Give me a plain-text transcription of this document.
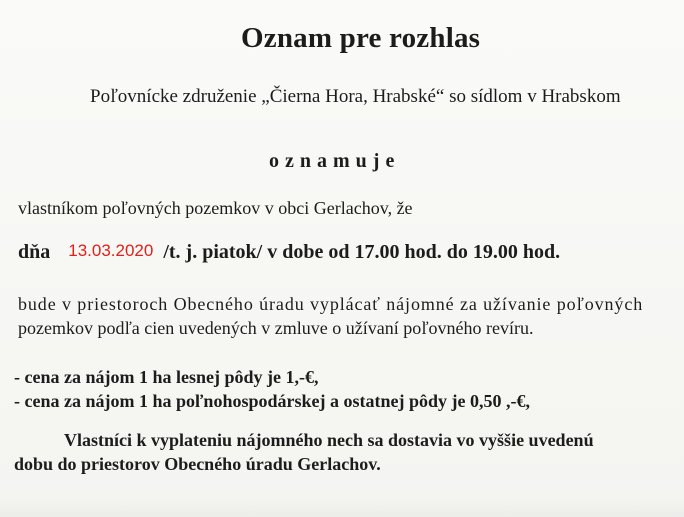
Oznam pre rozhlas
Poľovnícke združenie „Čierna Hora, Hrabské“ so sídlom v Hrabskom
oznamuje
vlastníkom poľovných pozemkov v obci Gerlachov, že
dňa 13.03.2020 /t. j. piatok/ v dobe od 17.00 hod. do 19.00 hod.
bude v priestoroch Obecného úradu vyplácať nájomné za užívanie poľovných
pozemkov podľa cien uvedených v zmluve o užívaní poľovného revíru.
- cena za nájom 1 ha lesnej pôdy je 1,-€,
- cena za nájom 1 ha poľnohospodárskej a ostatnej pôdy je 0,50 ,-€,
Vlastníci k vyplateniu nájomného nech sa dostavia vo vyššie uvedenú
dobu do priestorov Obecného úradu Gerlachov.
